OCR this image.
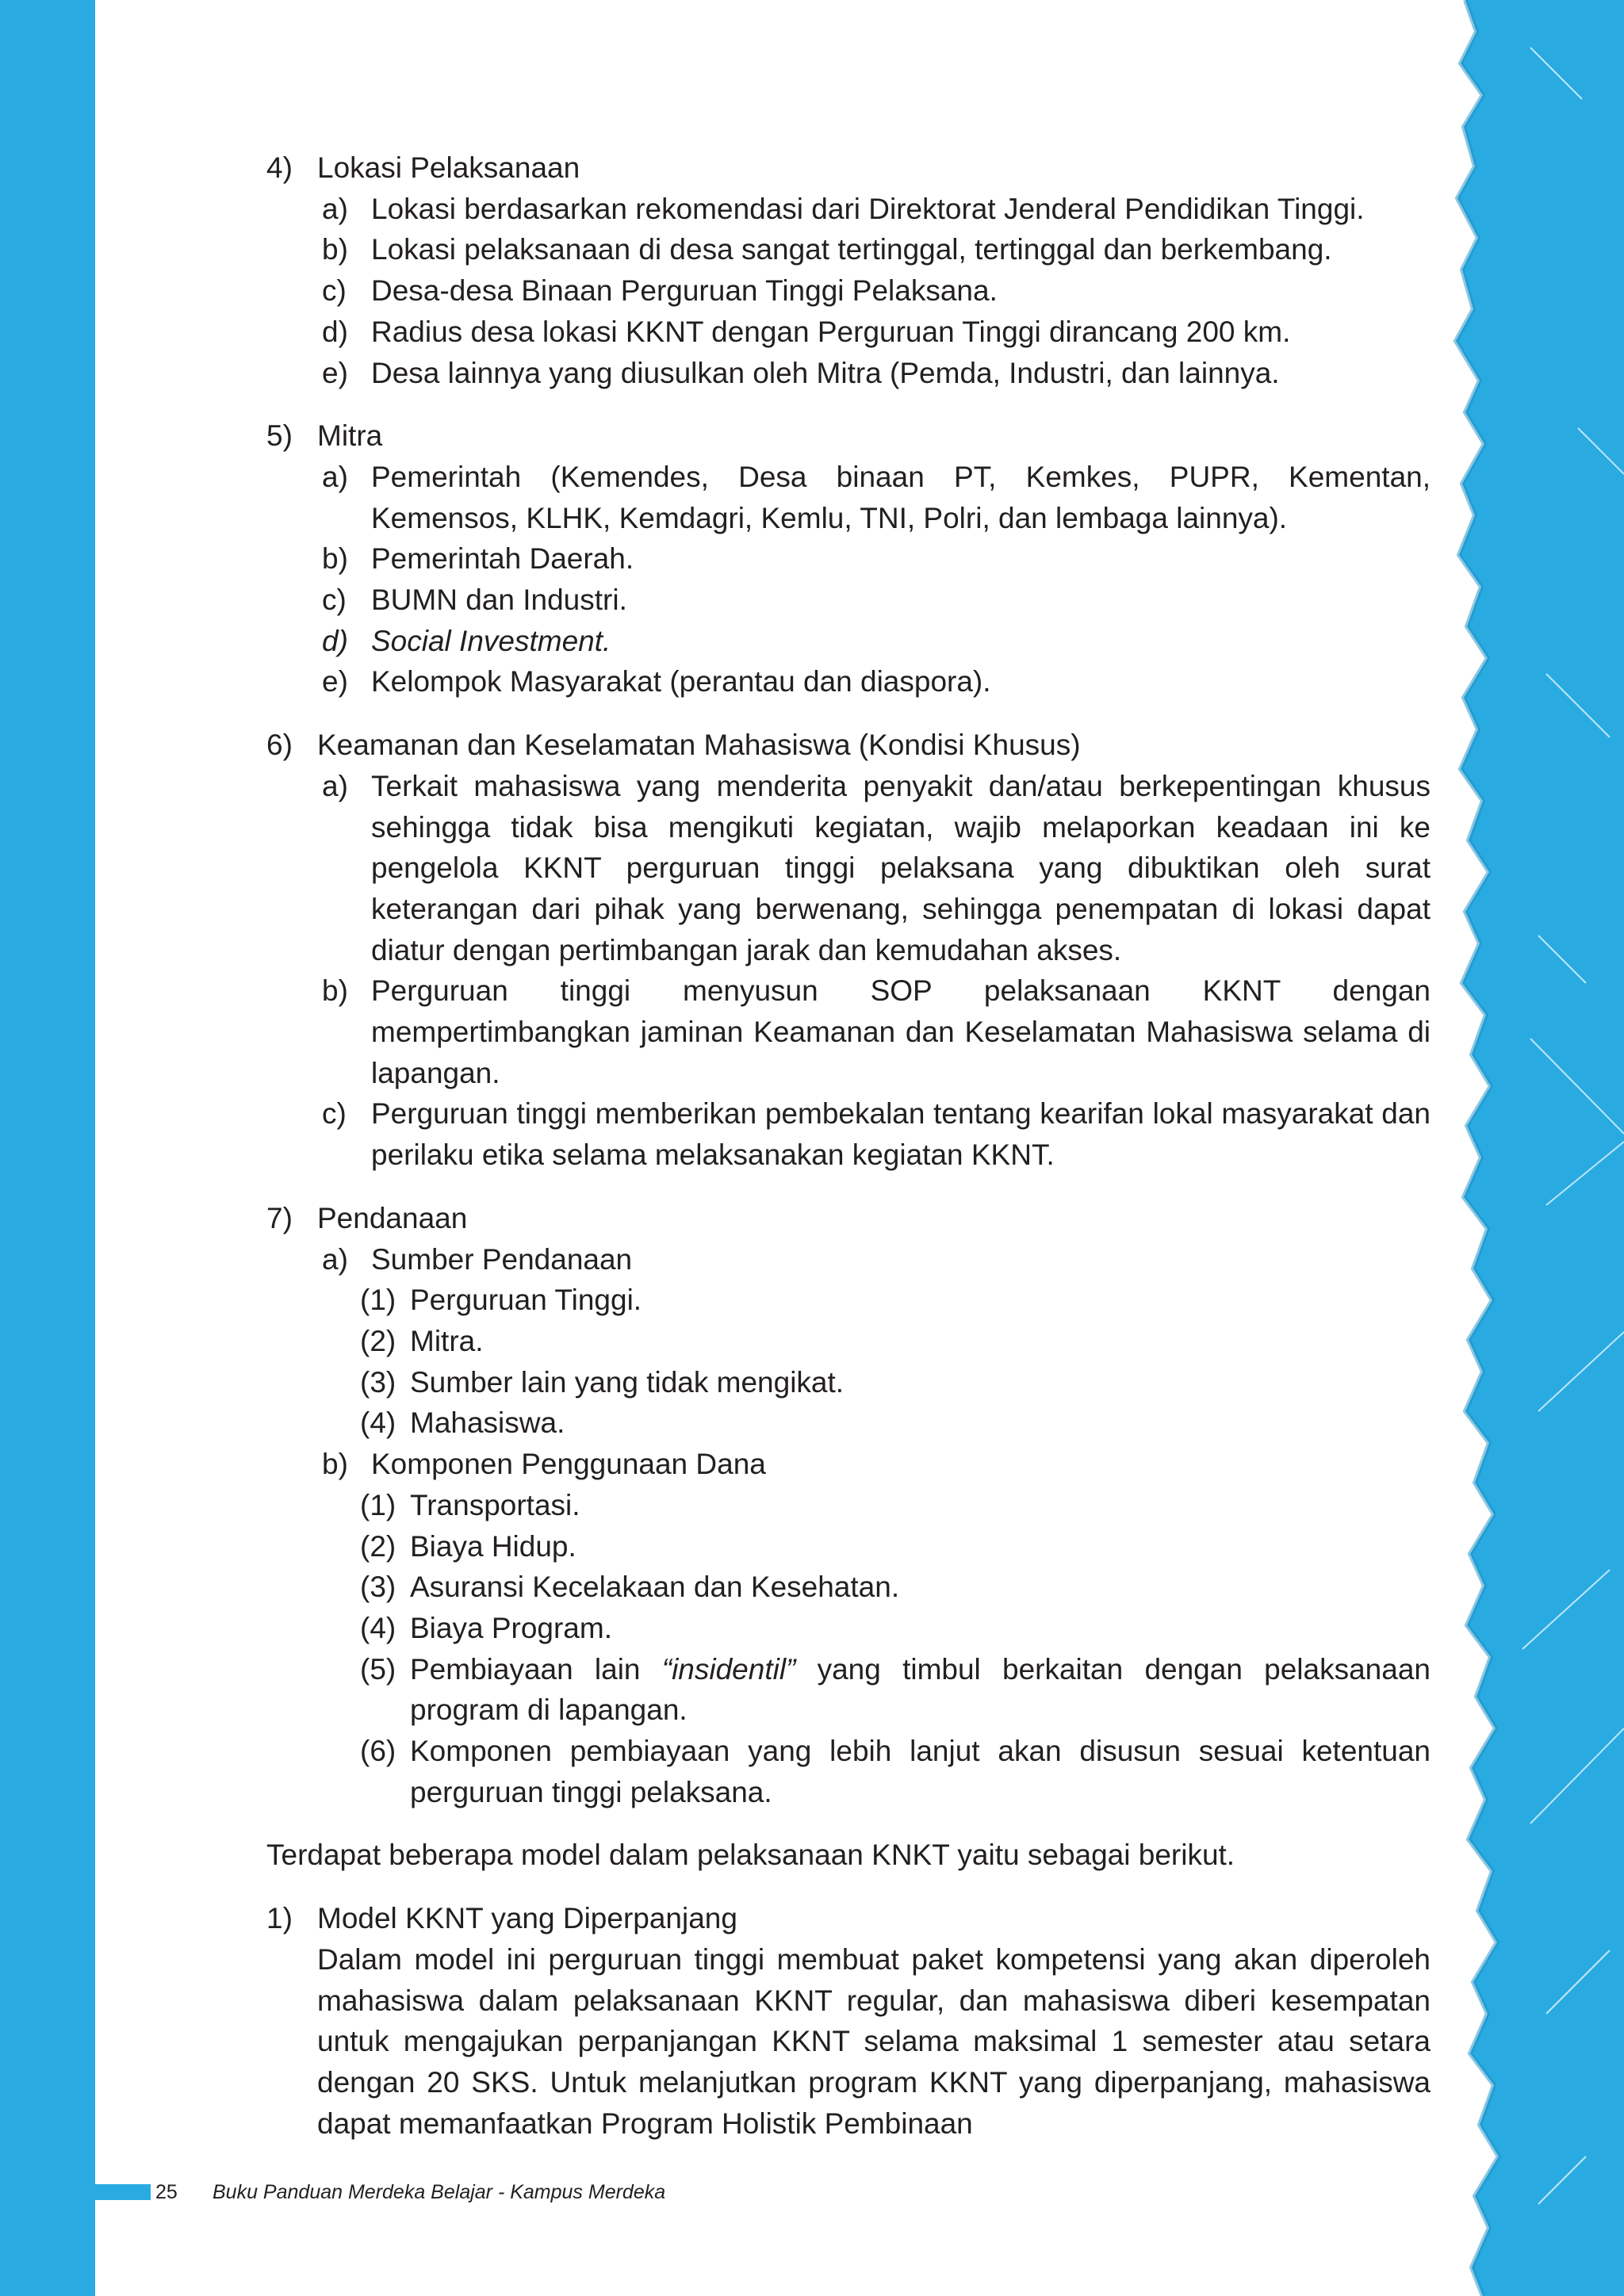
4) Lokasi Pelaksanaan
a) Lokasi berdasarkan rekomendasi dari Direktorat Jenderal Pendidikan Tinggi.
b) Lokasi pelaksanaan di desa sangat tertinggal, tertinggal dan berkembang.
c) Desa-desa Binaan Perguruan Tinggi Pelaksana.
d) Radius desa lokasi KKNT dengan Perguruan Tinggi dirancang 200 km.
e) Desa lainnya yang diusulkan oleh Mitra (Pemda, Industri, dan lainnya.
5) Mitra
a) Pemerintah (Kemendes, Desa binaan PT, Kemkes, PUPR, Kementan, Kemensos, KLHK, Kemdagri, Kemlu, TNI, Polri, dan lembaga lainnya).
b) Pemerintah Daerah.
c) BUMN dan Industri.
d) Social Investment.
e) Kelompok Masyarakat (perantau dan diaspora).
6) Keamanan dan Keselamatan Mahasiswa (Kondisi Khusus)
a) Terkait mahasiswa yang menderita penyakit dan/atau berkepentingan khusus sehingga tidak bisa mengikuti kegiatan, wajib melaporkan keadaan ini ke pengelola KKNT perguruan tinggi pelaksana yang dibuktikan oleh surat keterangan dari pihak yang berwenang, sehingga penempatan di lokasi dapat diatur dengan pertimbangan jarak dan kemudahan akses.
b) Perguruan tinggi menyusun SOP pelaksanaan KKNT dengan mempertimbangkan jaminan Keamanan dan Keselamatan Mahasiswa selama di lapangan.
c) Perguruan tinggi memberikan pembekalan tentang kearifan lokal masyarakat dan perilaku etika selama melaksanakan kegiatan KKNT.
7) Pendanaan
a) Sumber Pendanaan
(1) Perguruan Tinggi.
(2) Mitra.
(3) Sumber lain yang tidak mengikat.
(4) Mahasiswa.
b) Komponen Penggunaan Dana
(1) Transportasi.
(2) Biaya Hidup.
(3) Asuransi Kecelakaan dan Kesehatan.
(4) Biaya Program.
(5) Pembiayaan lain “insidentil” yang timbul berkaitan dengan pelaksanaan program di lapangan.
(6) Komponen pembiayaan yang lebih lanjut akan disusun sesuai ketentuan perguruan tinggi pelaksana.
Terdapat beberapa model dalam pelaksanaan KNKT yaitu sebagai berikut.
1) Model KKNT yang Diperpanjang
Dalam model ini perguruan tinggi membuat paket kompetensi yang akan diperoleh mahasiswa dalam pelaksanaan KKNT regular, dan mahasiswa diberi kesempatan untuk mengajukan perpanjangan KKNT selama maksimal 1 semester atau setara dengan 20 SKS. Untuk melanjutkan program KKNT yang diperpanjang, mahasiswa dapat memanfaatkan Program Holistik Pembinaan
25 Buku Panduan Merdeka Belajar - Kampus Merdeka
